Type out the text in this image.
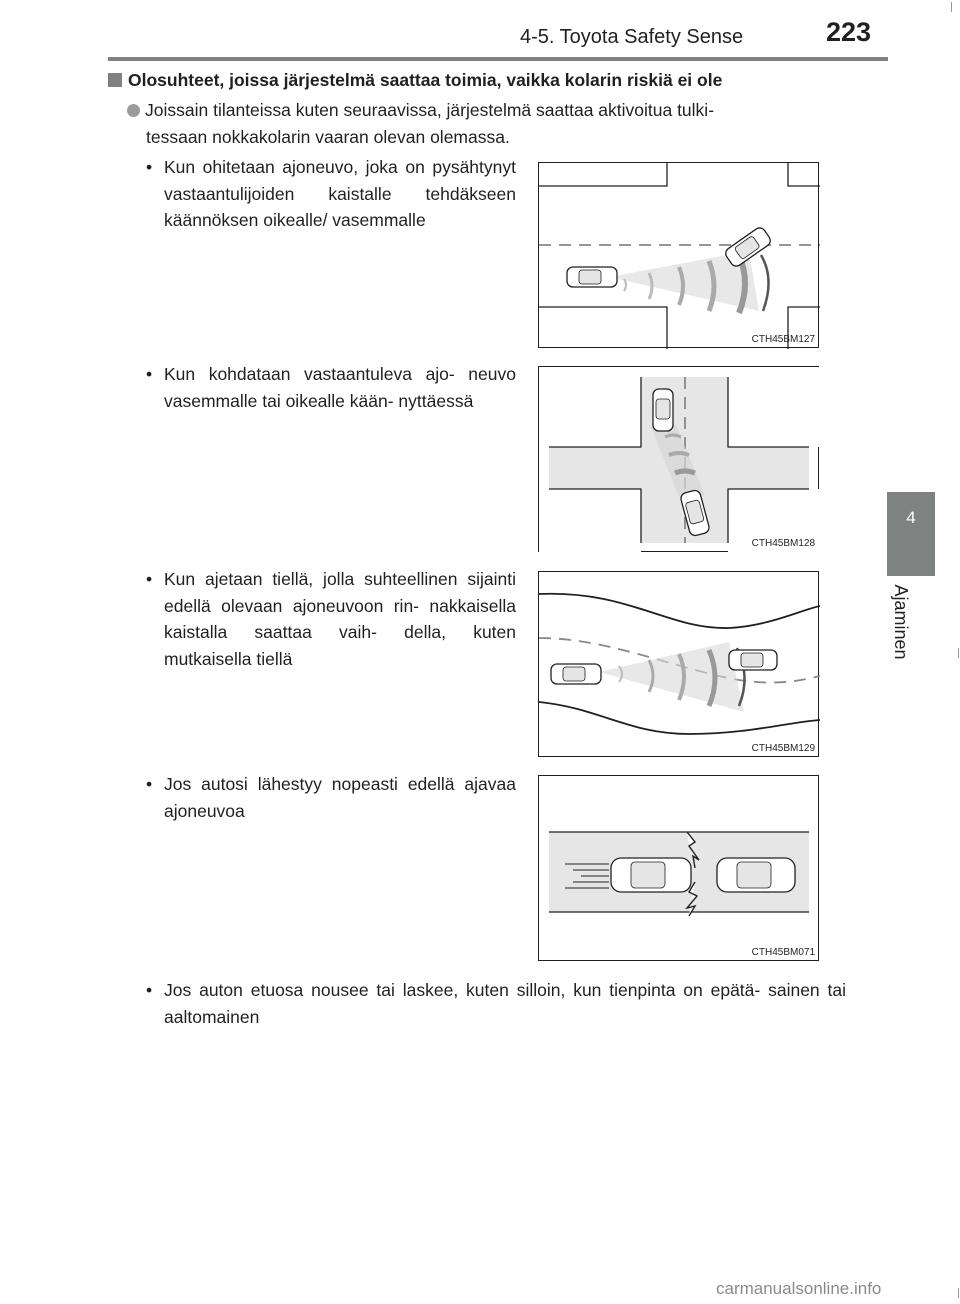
4-5. Toyota Safety Sense	223
4
Ajaminen
Olosuhteet, joissa järjestelmä saattaa toimia, vaikka kolarin riskiä ei ole
Joissain tilanteissa kuten seuraavissa, järjestelmä saattaa aktivoitua tulki-
tessaan nokkakolarin vaaran olevan olemassa.
• Kun ohitetaan ajoneuvo, joka on pysähtynyt vastaantulijoiden kaistalle tehdäkseen käännöksen oikealle/ vasemmalle
CTH45BM127
• Kun kohdataan vastaantuleva ajo- neuvo vasemmalle tai oikealle kään- nyttäessä
CTH45BM128
• Kun ajetaan tiellä, jolla suhteellinen sijainti edellä olevaan ajoneuvoon rin- nakkaisella kaistalla saattaa vaih- della, kuten mutkaisella tiellä
CTH45BM129
• Jos autosi lähestyy nopeasti edellä ajavaa ajoneuvoa
CTH45BM071
• Jos auton etuosa nousee tai laskee, kuten silloin, kun tienpinta on epätä- sainen tai aaltomainen
carmanualsonline.info
